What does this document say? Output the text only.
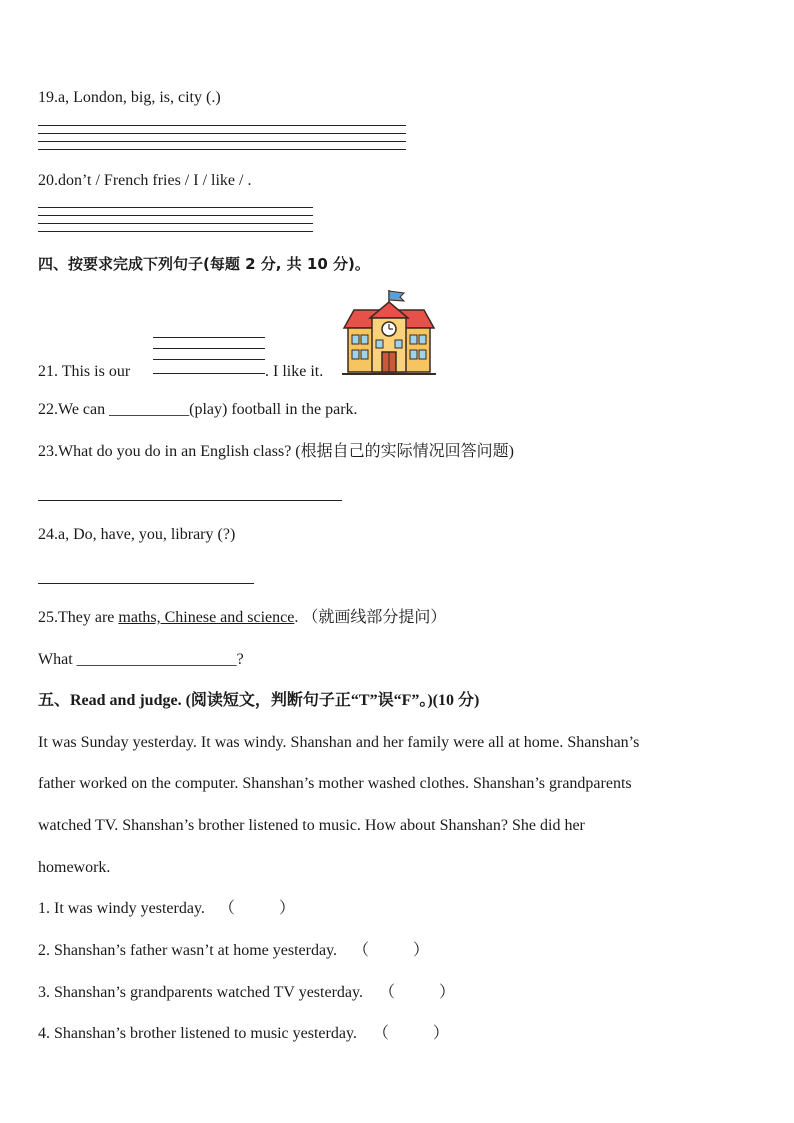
19.a, London, big, is, city (.)
20.don’t / French fries / I / like / .
四、按要求完成下列句子(每题 2 分, 共 10 分)。
21. This is our	. I like it.
22.We can __________(play) football in the park.
23.What do you do in an English class? (根据自己的实际情况回答问题)
24.a, Do, have, you, library (?)
25.They are maths, Chinese and science. （就画线部分提问）
What ____________________?
五、Read and judge. (阅读短文，判断句子正“T”误“F”。)(10 分)
It was Sunday yesterday. It was windy. Shanshan and her family were all at home. Shanshan’s
father worked on the computer. Shanshan’s mother washed clothes. Shanshan’s grandparents
watched TV. Shanshan’s brother listened to music. How about Shanshan? She did her
homework.
1. It was windy yesterday. （	）
2. Shanshan’s father wasn’t at home yesterday. （	）
3. Shanshan’s grandparents watched TV yesterday. （	）
4. Shanshan’s brother listened to music yesterday. （	）
